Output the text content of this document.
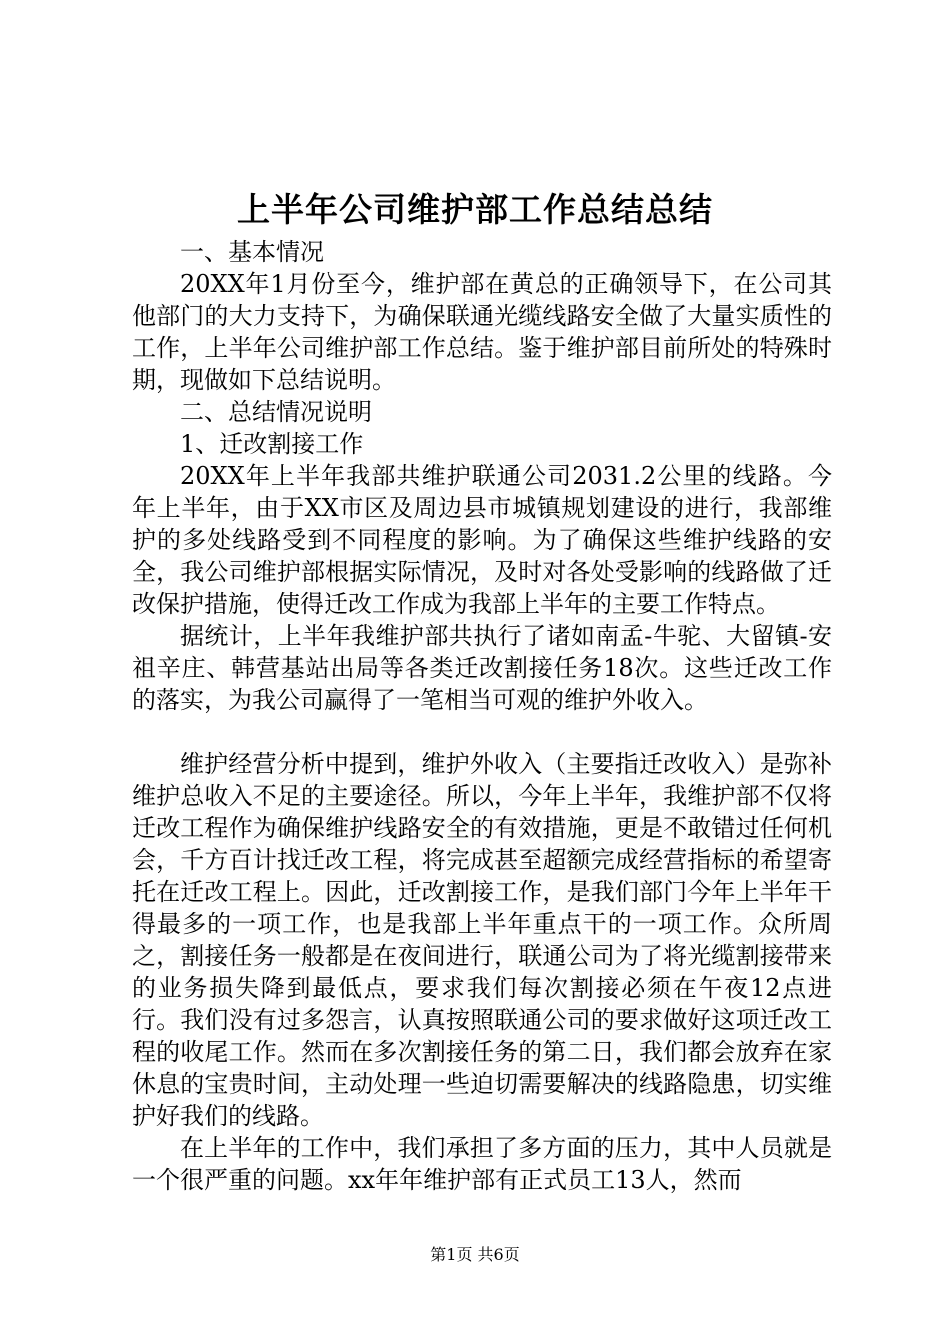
上半年公司维护部工作总结总结

一、基本情况

20XX年1月份至今，维护部在黄总的正确领导下，在公司其他部门的大力支持下，为确保联通光缆线路安全做了大量实质性的工作，上半年公司维护部工作总结。鉴于维护部目前所处的特殊时期，现做如下总结说明。

二、总结情况说明

1、迁改割接工作

20XX年上半年我部共维护联通公司2031.2公里的线路。今年上半年，由于XX市区及周边县市城镇规划建设的进行，我部维护的多处线路受到不同程度的影响。为了确保这些维护线路的安全，我公司维护部根据实际情况，及时对各处受影响的线路做了迁改保护措施，使得迁改工作成为我部上半年的主要工作特点。

据统计，上半年我维护部共执行了诸如南孟-牛驼、大留镇-安祖辛庄、韩营基站出局等各类迁改割接任务18次。这些迁改工作的落实，为我公司赢得了一笔相当可观的维护外收入。

维护经营分析中提到，维护外收入（主要指迁改收入）是弥补维护总收入不足的主要途径。所以，今年上半年，我维护部不仅将迁改工程作为确保维护线路安全的有效措施，更是不敢错过任何机会，千方百计找迁改工程，将完成甚至超额完成经营指标的希望寄托在迁改工程上。因此，迁改割接工作，是我们部门今年上半年干得最多的一项工作，也是我部上半年重点干的一项工作。众所周之，割接任务一般都是在夜间进行，联通公司为了将光缆割接带来的业务损失降到最低点，要求我们每次割接必须在午夜12点进行。我们没有过多怨言，认真按照联通公司的要求做好这项迁改工程的收尾工作。然而在多次割接任务的第二日，我们都会放弃在家休息的宝贵时间，主动处理一些迫切需要解决的线路隐患，切实维护好我们的线路。

在上半年的工作中，我们承担了多方面的压力，其中人员就是一个很严重的问题。xx年年维护部有正式员工13人，然而

第1页 共6页
